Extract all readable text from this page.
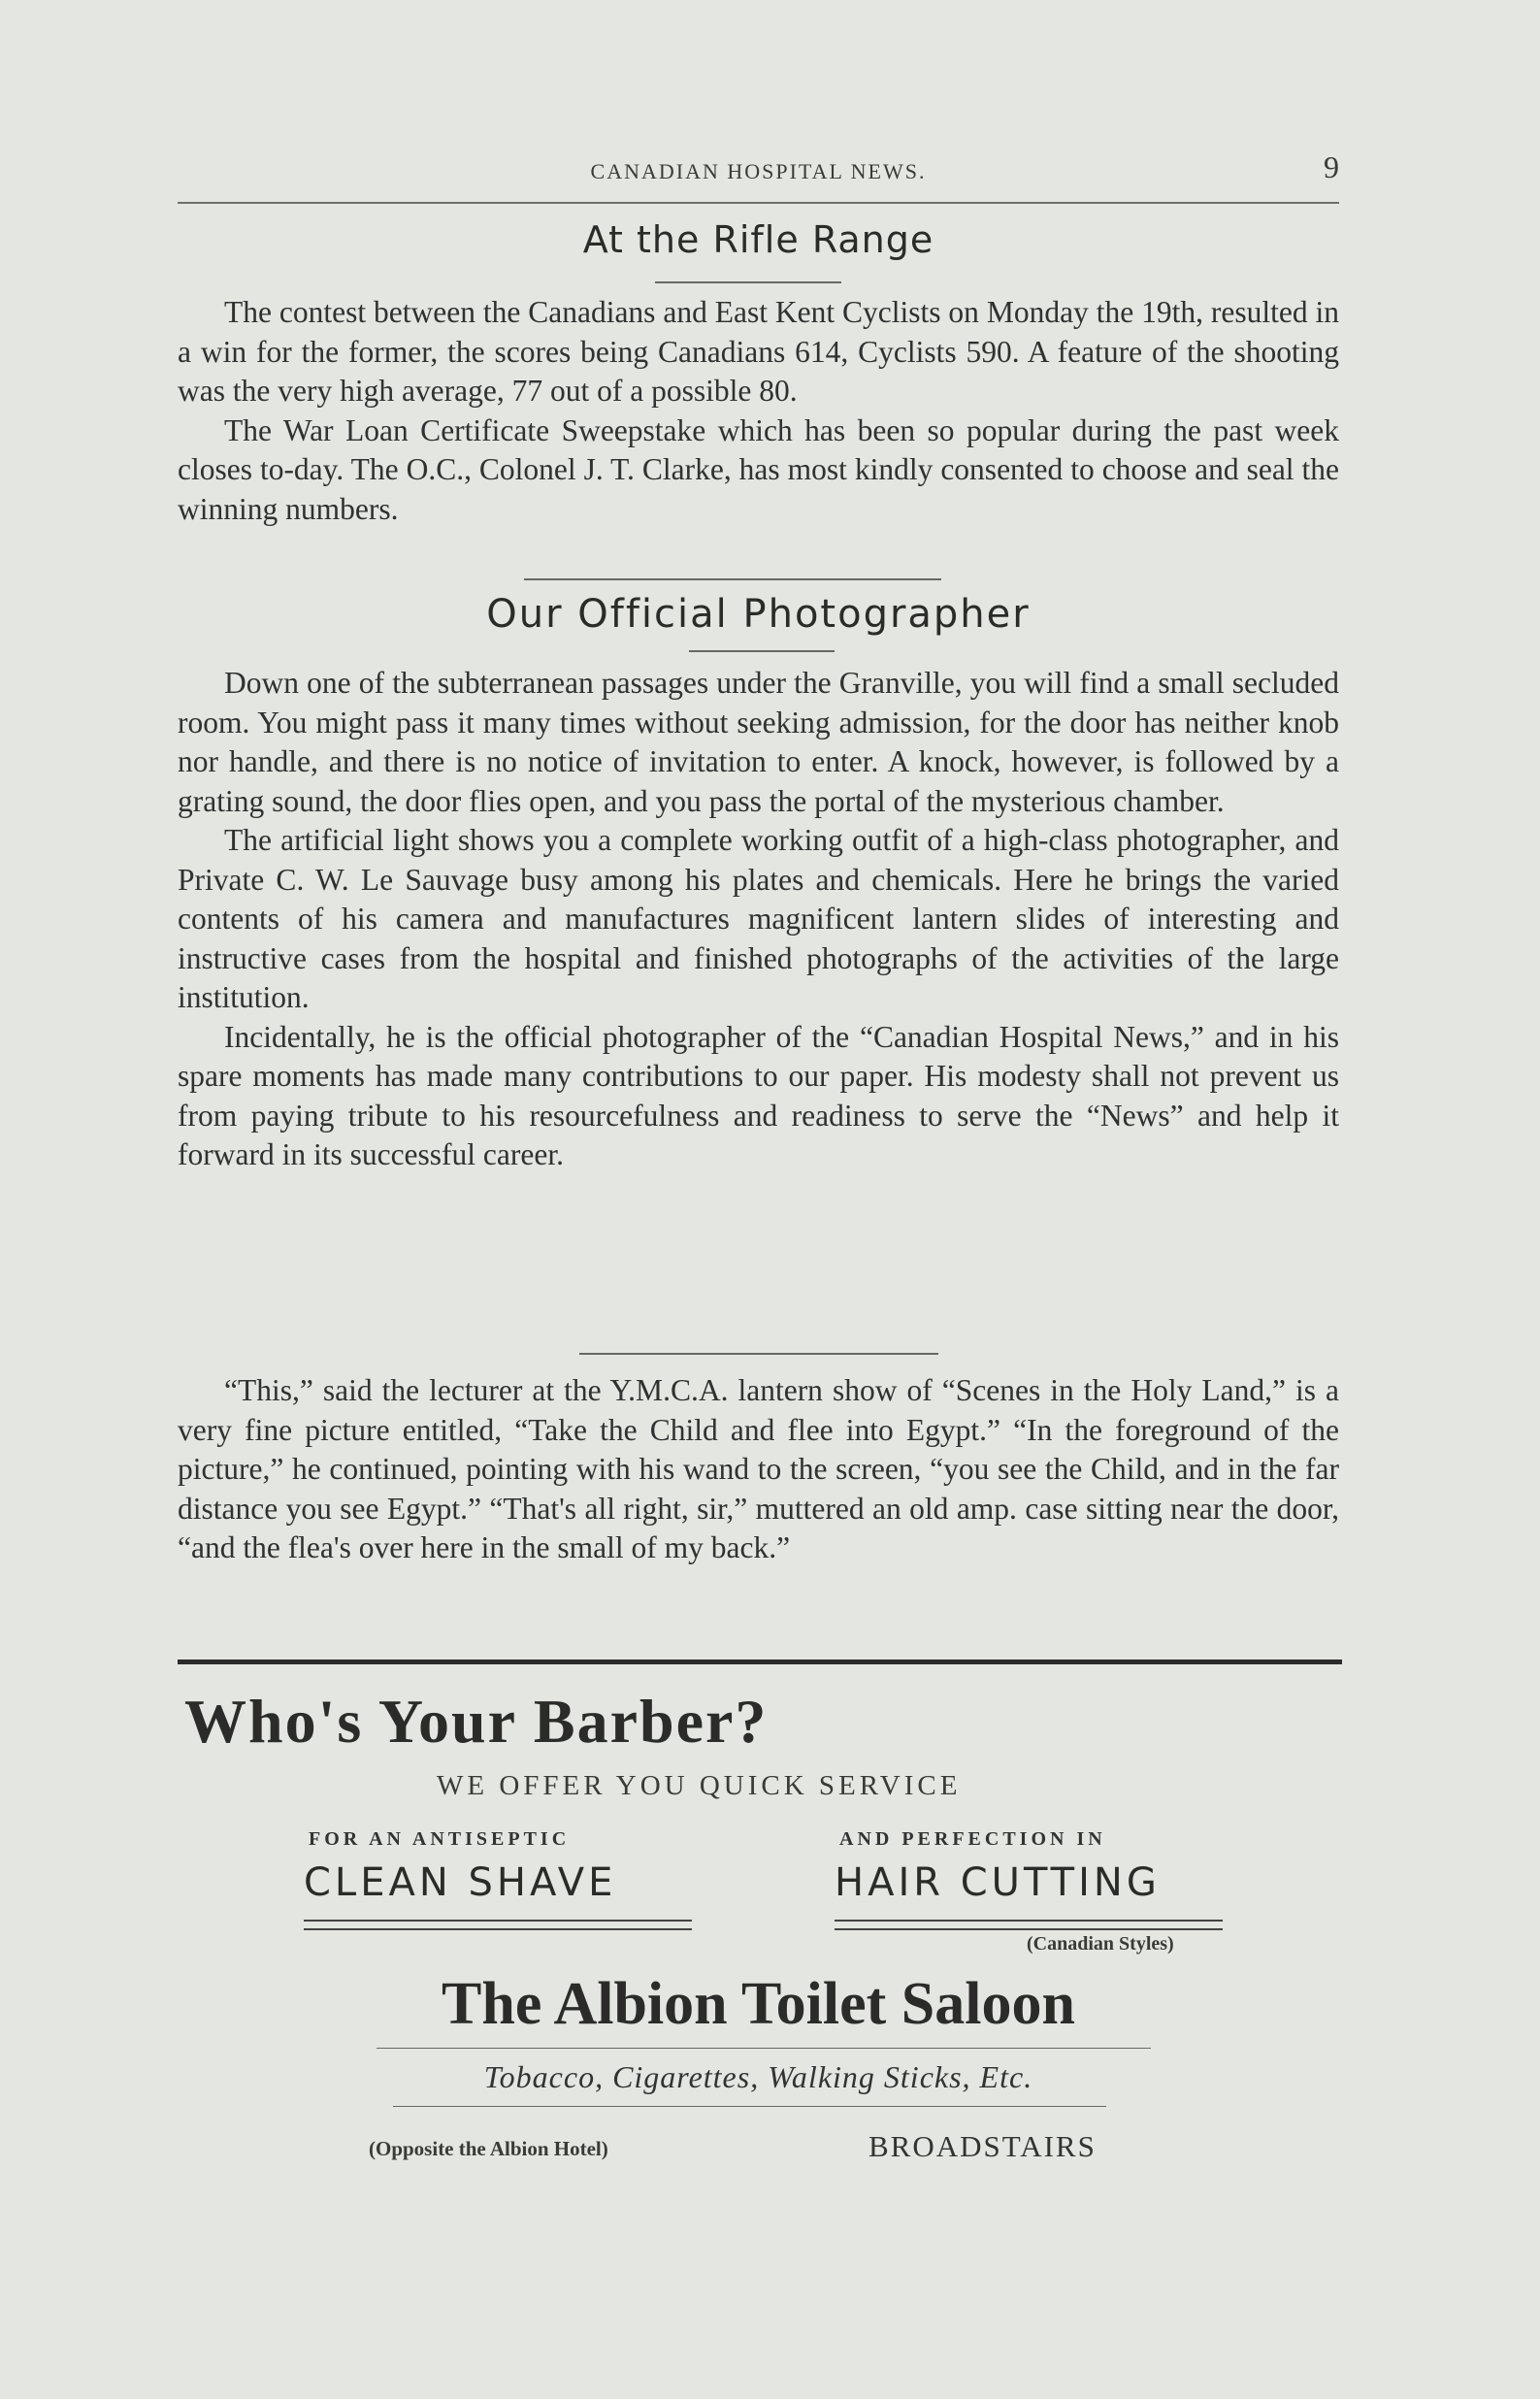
CANADIAN HOSPITAL NEWS.	9
At the Rifle Range

The contest between the Canadians and East Kent Cyclists on Monday the 19th, resulted in a win for the former, the scores being Canadians 614, Cyclists 590. A feature of the shooting was the very high average, 77 out of a possible 80.

The War Loan Certificate Sweepstake which has been so popular during the past week closes to-day. The O.C., Colonel J. T. Clarke, has most kindly consented to choose and seal the winning numbers.

Our Official Photographer

Down one of the subterranean passages under the Granville, you will find a small secluded room. You might pass it many times without seeking admission, for the door has neither knob nor handle, and there is no notice of invitation to enter. A knock, however, is followed by a grating sound, the door flies open, and you pass the portal of the mysterious chamber.

The artificial light shows you a complete working outfit of a high-class photographer, and Private C. W. Le Sauvage busy among his plates and chemicals. Here he brings the varied contents of his camera and manufactures magnificent lantern slides of interesting and instructive cases from the hospital and finished photographs of the activities of the large institution.

Incidentally, he is the official photographer of the “Canadian Hospital News,” and in his spare moments has made many contributions to our paper. His modesty shall not prevent us from paying tribute to his resourcefulness and readiness to serve the “News” and help it forward in its successful career.

“This,” said the lecturer at the Y.M.C.A. lantern show of “Scenes in the Holy Land,” is a very fine picture entitled, “Take the Child and flee into Egypt.” “In the foreground of the picture,” he continued, pointing with his wand to the screen, “you see the Child, and in the far distance you see Egypt.” “That's all right, sir,” muttered an old amp. case sitting near the door, “and the flea's over here in the small of my back.”

Who's Your Barber?
WE OFFER YOU QUICK SERVICE
FOR AN ANTISEPTIC
CLEAN SHAVE
AND PERFECTION IN
HAIR CUTTING
(Canadian Styles)
The Albion Toilet Saloon
Tobacco, Cigarettes, Walking Sticks, Etc.
(Opposite the Albion Hotel)	BROADSTAIRS
